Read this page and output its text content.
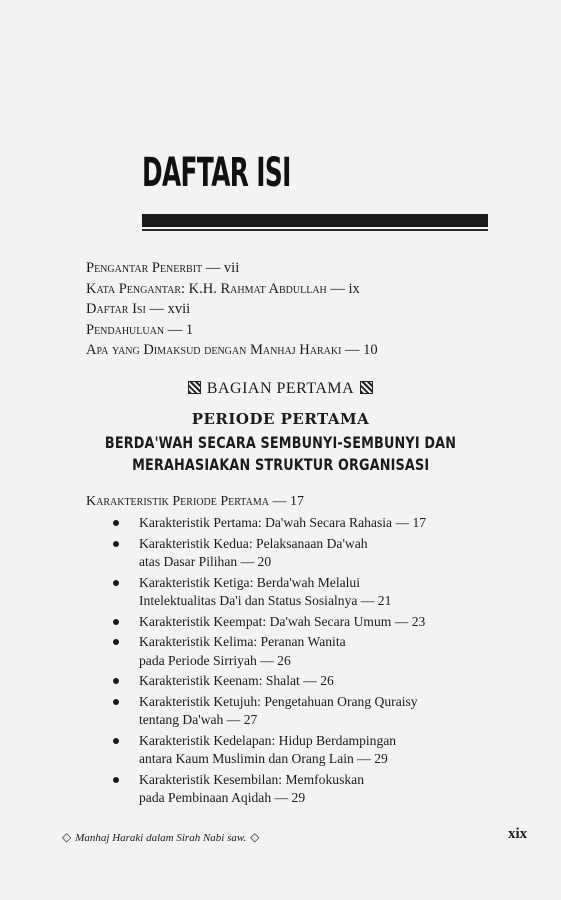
DAFTAR ISI
Pengantar Penerbit — vii
Kata Pengantar: K.H. Rahmat Abdullah — ix
Daftar Isi — xvii
Pendahuluan — 1
Apa yang Dimaksud dengan Manhaj Haraki — 10
BAGIAN PERTAMA
PERIODE PERTAMA
BERDA'WAH SECARA SEMBUNYI-SEMBUNYI DAN
MERAHASIAKAN STRUKTUR ORGANISASI
Karakteristik Periode Pertama — 17
Karakteristik Pertama: Da'wah Secara Rahasia — 17
Karakteristik Kedua: Pelaksanaan Da'wah
atas Dasar Pilihan — 20
Karakteristik Ketiga: Berda'wah Melalui
Intelektualitas Da'i dan Status Sosialnya — 21
Karakteristik Keempat: Da'wah Secara Umum — 23
Karakteristik Kelima: Peranan Wanita
pada Periode Sirriyah — 26
Karakteristik Keenam: Shalat — 26
Karakteristik Ketujuh: Pengetahuan Orang Quraisy
tentang Da'wah — 27
Karakteristik Kedelapan: Hidup Berdampingan
antara Kaum Muslimin dan Orang Lain — 29
Karakteristik Kesembilan: Memfokuskan
pada Pembinaan Aqidah — 29
◇ Manhaj Haraki dalam Sirah Nabi saw. ◇	xix
